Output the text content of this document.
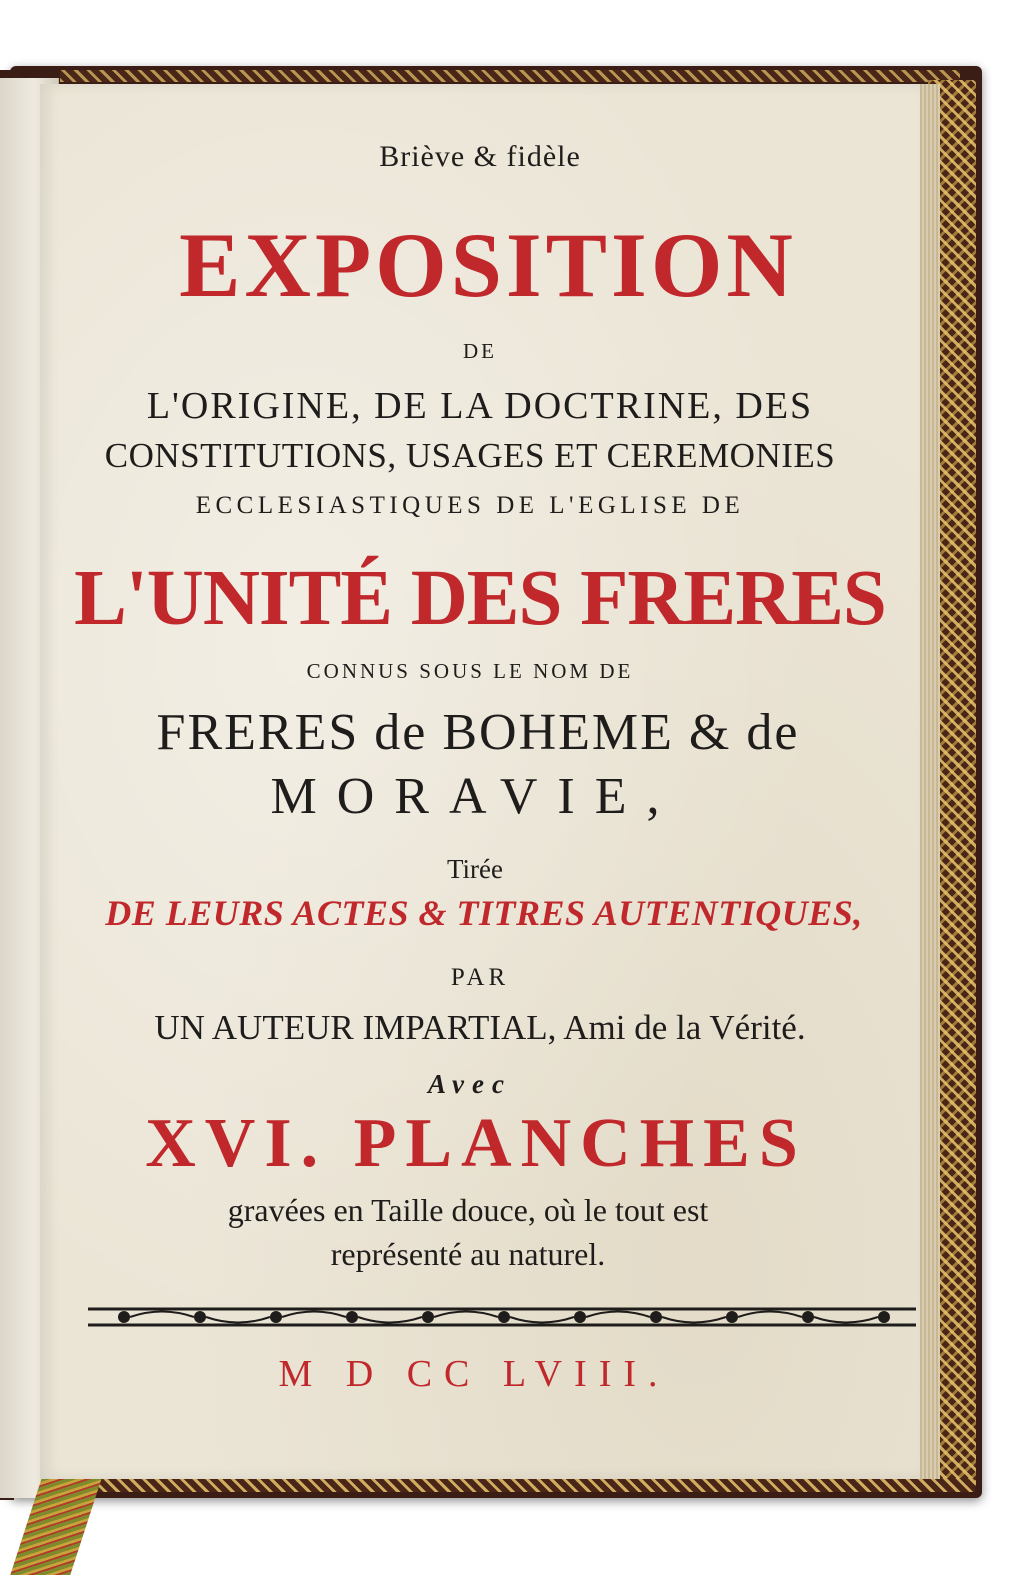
Briève & fidèle
EXPOSITION
DE
L'ORIGINE, DE LA DOCTRINE, DES
CONSTITUTIONS, USAGES ET CEREMONIES
ECCLESIASTIQUES DE L'EGLISE DE
L'UNITÉ DES FRERES
CONNUS SOUS LE NOM DE
FRERES de BOHEME & de
MORAVIE,
Tirée
DE LEURS ACTES & TITRES AUTENTIQUES,
PAR
UN AUTEUR IMPARTIAL, Ami de la Vérité.
Avec
XVI. PLANCHES
gravées en Taille douce, où le tout est
représenté au naturel.
M D CC LVIII.
